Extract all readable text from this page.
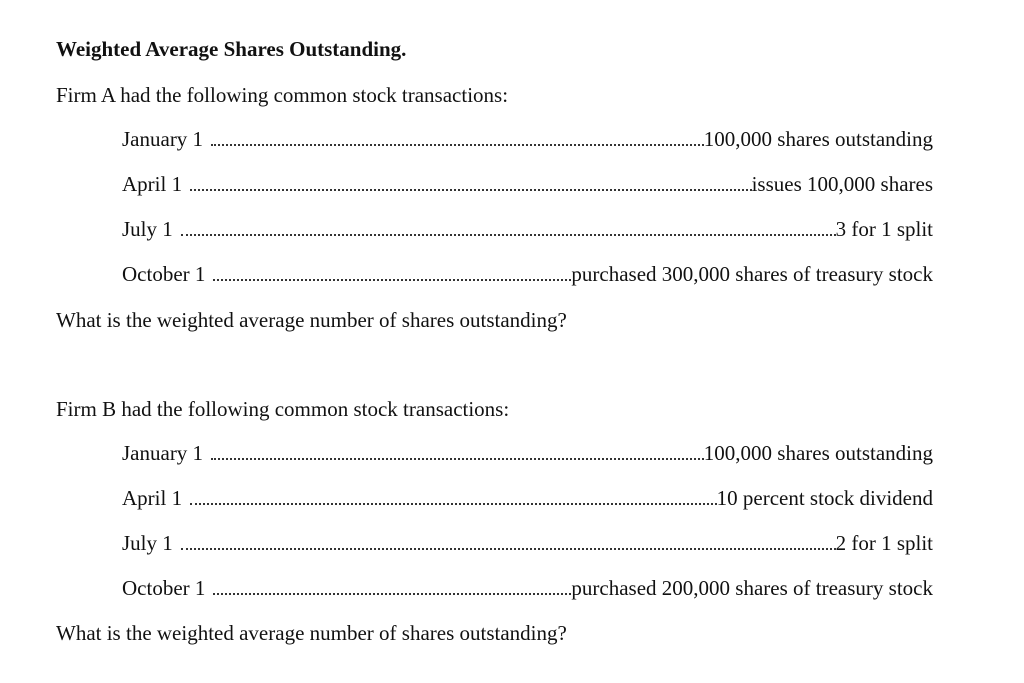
Weighted Average Shares Outstanding.
Firm A had the following common stock transactions:
January 1	100,000 shares outstanding
April 1	issues 100,000 shares
July 1	3 for 1 split
October 1	purchased 300,000 shares of treasury stock
What is the weighted average number of shares outstanding?
Firm B had the following common stock transactions:
January 1	100,000 shares outstanding
April 1	10 percent stock dividend
July 1	2 for 1 split
October 1	purchased 200,000 shares of treasury stock
What is the weighted average number of shares outstanding?
